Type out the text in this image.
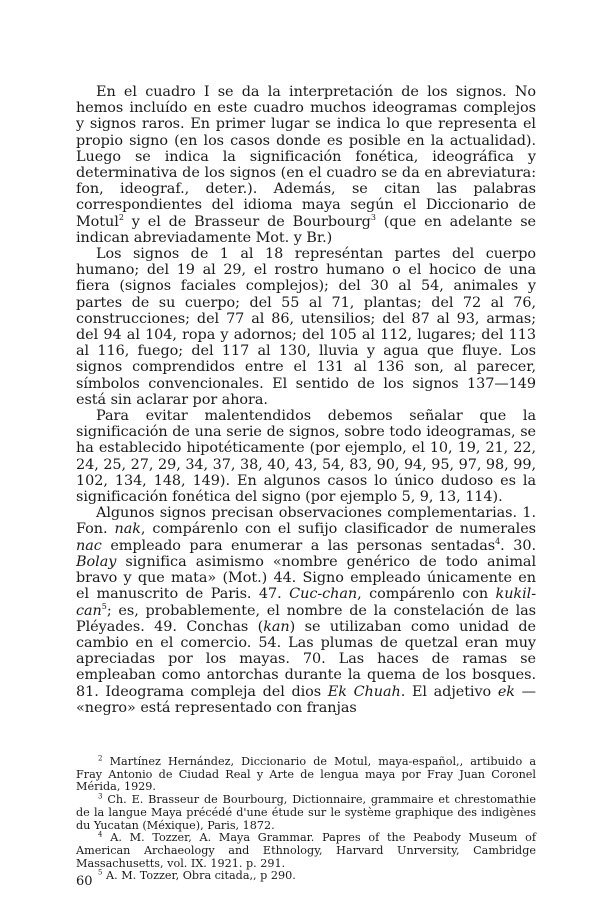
En el cuadro I se da la interpretación de los signos. No hemos incluído en este cuadro muchos ideogramas complejos y signos raros. En primer lugar se indica lo que representa el propio signo (en los casos donde es posible en la actualidad). Luego se indica la significación fonética, ideográfica y determinativa de los signos (en el cuadro se da en abreviatura: fon, ideograf., deter.). Además, se citan las palabras correspondientes del idioma maya según el Diccionario de Motul$^2$ y el de Brasseur de Bourbourg$^3$ (que en adelante se indican abreviadamente Mot. y Br.)

Los signos de 1 al 18 represéntan partes del cuerpo humano; del 19 al 29, el rostro humano o el hocico de una fiera (signos faciales complejos); del 30 al 54, animales y partes de su cuerpo; del 55 al 71, plantas; del 72 al 76, construcciones; del 77 al 86, utensilios; del 87 al 93, armas; del 94 al 104, ropa y adornos; del 105 al 112, lugares; del 113 al 116, fuego; del 117 al 130, lluvia y agua que fluye. Los signos comprendidos entre el 131 al 136 son, al parecer, símbolos convencionales. El sentido de los signos 137—149 está sin aclarar por ahora.

Para evitar malentendidos debemos señalar que la significación de una serie de signos, sobre todo ideogramas, se ha establecido hipotéticamente (por ejemplo, el 10, 19, 21, 22, 24, 25, 27, 29, 34, 37, 38, 40, 43, 54, 83, 90, 94, 95, 97, 98, 99, 102, 134, 148, 149). En algunos casos lo único dudoso es la significación fonética del signo (por ejemplo 5, 9, 13, 114).

Algunos signos precisan observaciones complementarias. 1. Fon. nak, compárenlo con el sufijo clasificador de numerales nac empleado para enumerar a las personas sentadas$^4$. 30. Bolay significa asimismo «nombre genérico de todo animal bravo y que mata» (Mot.) 44. Signo empleado únicamente en el manuscrito de Paris. 47. Cuc-chan, compárenlo con kukil-can$^5$; es, probablemente, el nombre de la constelación de las Pléyades. 49. Conchas (kan) se utilizaban como unidad de cambio en el comercio. 54. Las plumas de quetzal eran muy apreciadas por los mayas. 70. Las haces de ramas se empleaban como antorchas durante la quema de los bosques. 81. Ideograma compleja del dios Ek Chuah. El adjetivo ek — «negro» está representado con franjas

$^2$ Martínez Hernández, Diccionario de Motul, maya-español,, artibuido a Fray Antonio de Ciudad Real y Arte de lengua maya por Fray Juan Coronel Mérida, 1929.

$^3$ Ch. E. Brasseur de Bourbourg, Dictionnaire, grammaire et chrestomathie de la langue Maya précédé d'une étude sur le système graphique des indigènes du Yucatan (Méxique), Paris, 1872.

$^4$ A. M. Tozzer, A. Maya Grammar. Papres of the Peabody Museum of American Archaeology and Ethnology, Harvard Unrversity, Cambridge Massachusetts, vol. IX. 1921. p. 291.

$^5$ A. M. Tozzer, Obra citada,, p 290.

60
